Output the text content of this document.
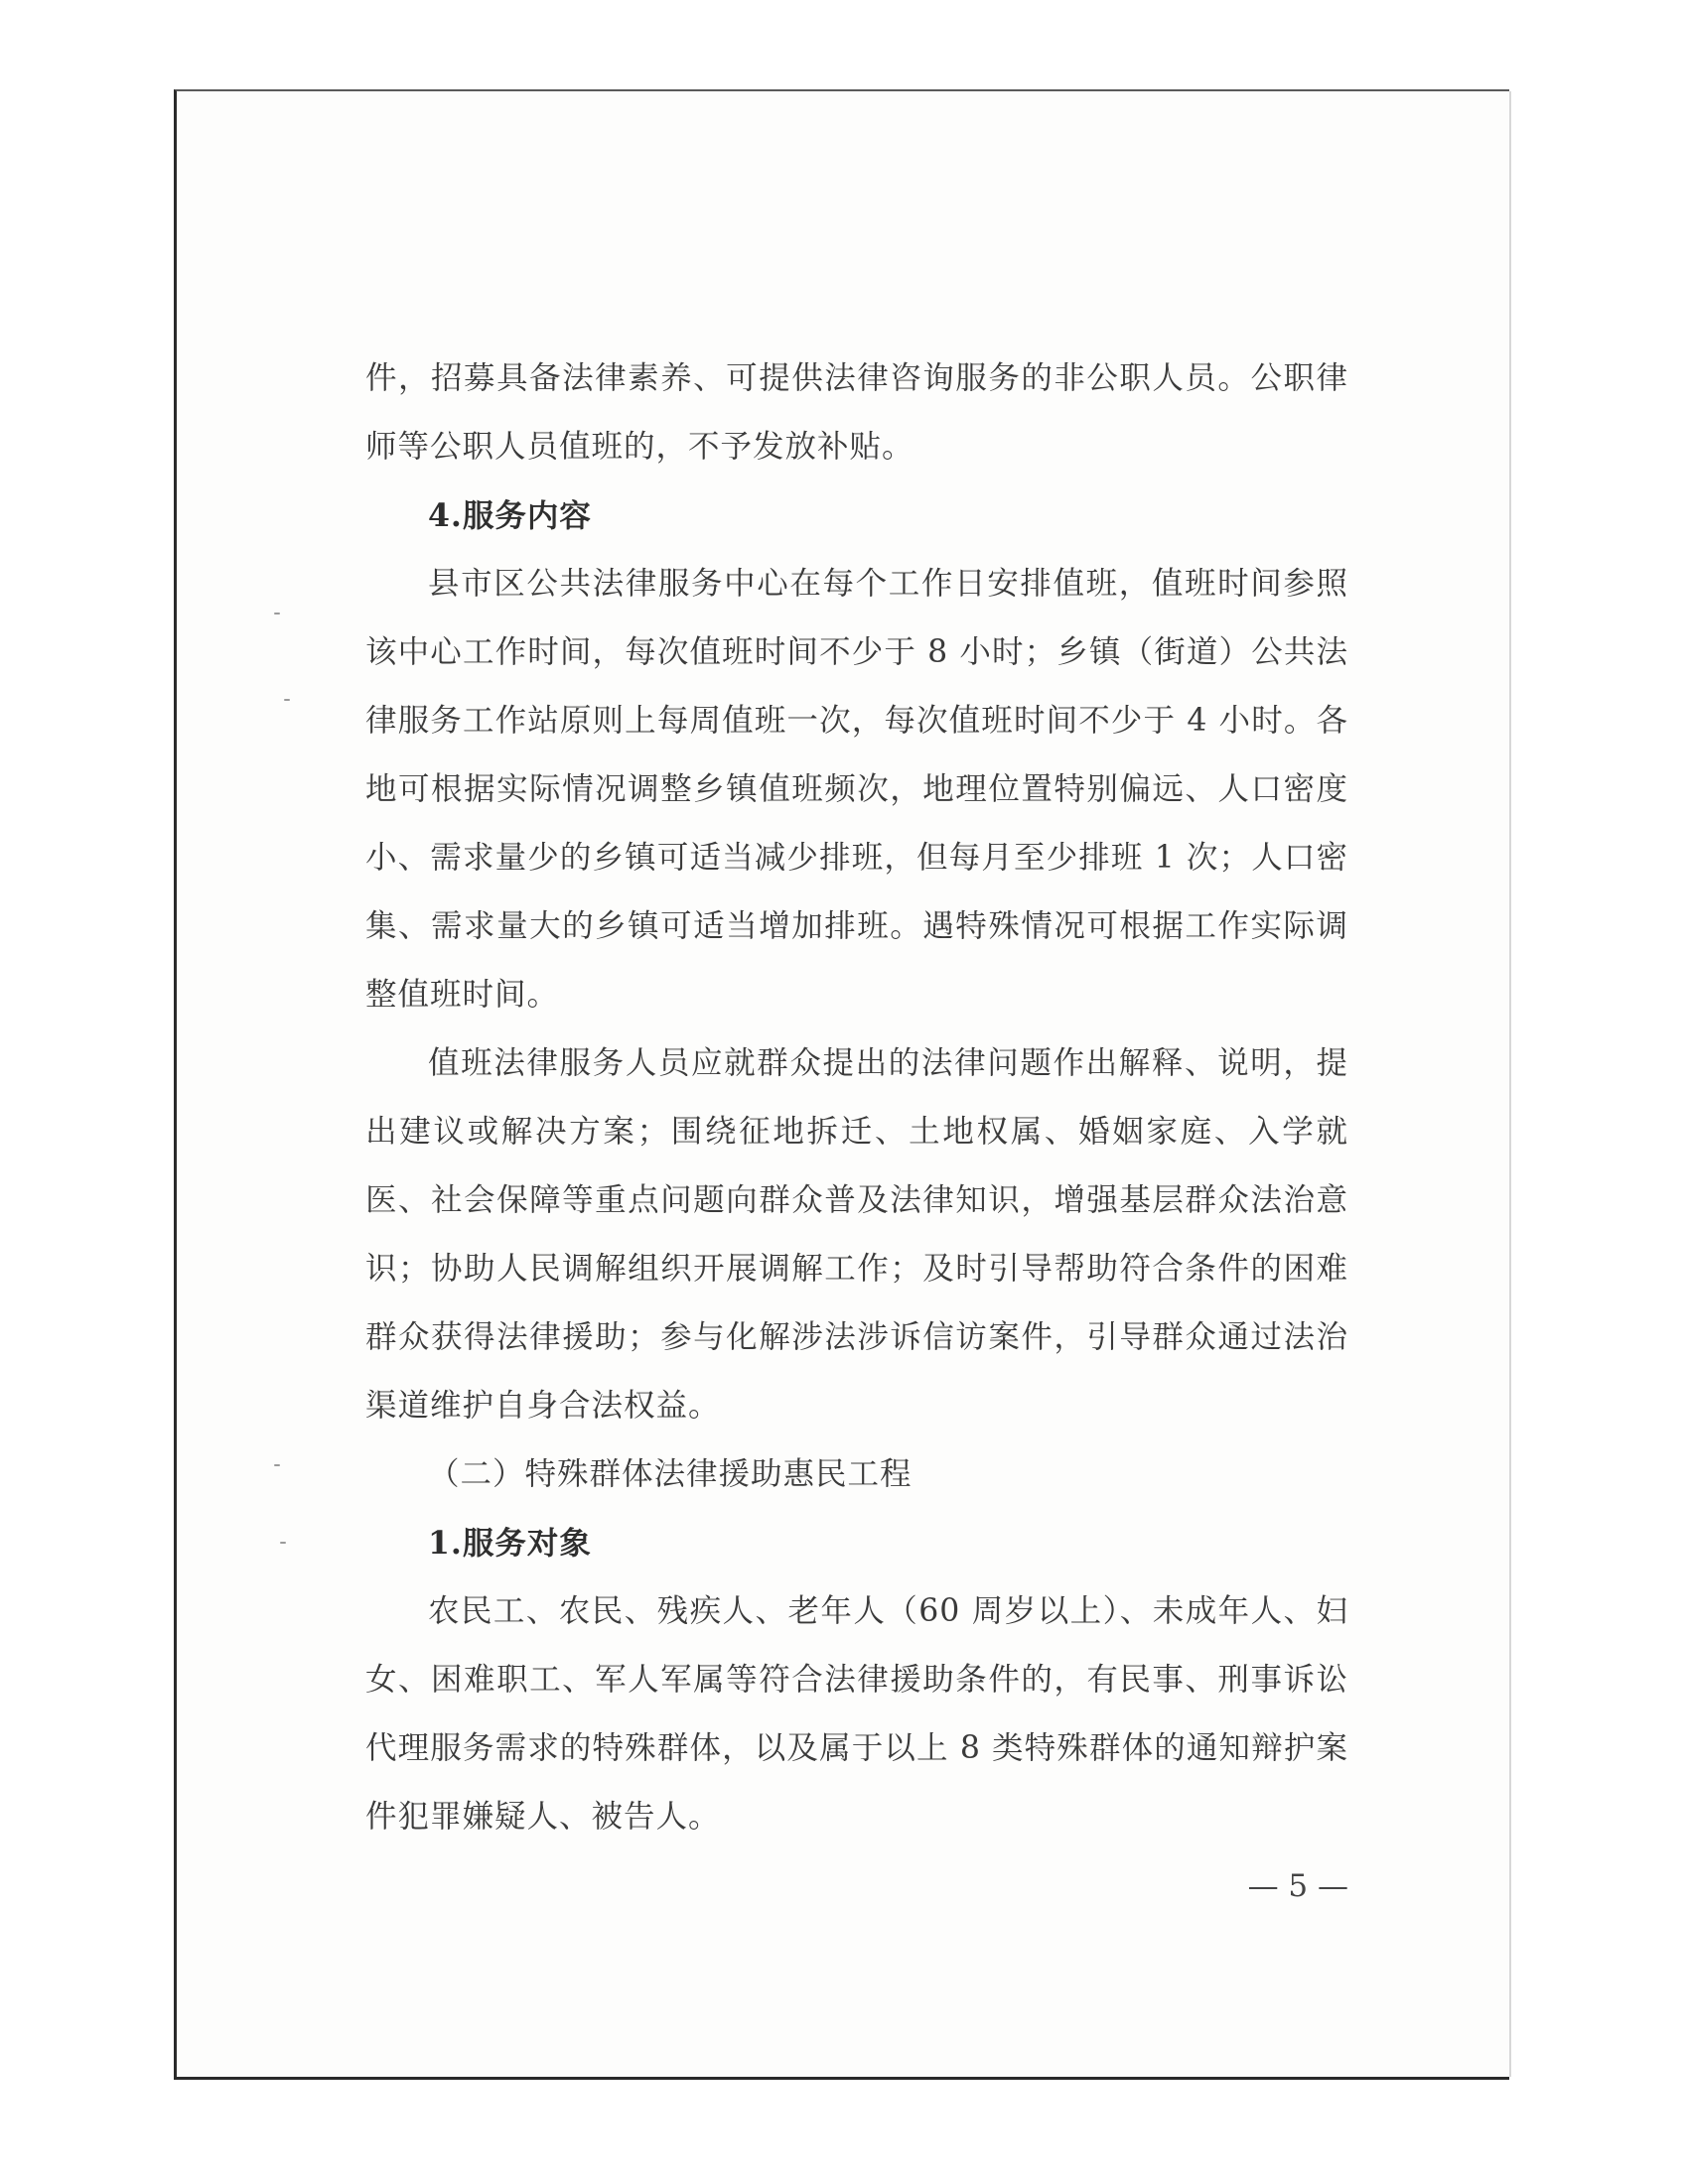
件，招募具备法律素养、可提供法律咨询服务的非公职人员。公职律师等公职人员值班的，不予发放补贴。

4.服务内容

县市区公共法律服务中心在每个工作日安排值班，值班时间参照该中心工作时间，每次值班时间不少于 8 小时；乡镇（街道）公共法律服务工作站原则上每周值班一次，每次值班时间不少于 4 小时。各地可根据实际情况调整乡镇值班频次，地理位置特别偏远、人口密度小、需求量少的乡镇可适当减少排班，但每月至少排班 1 次；人口密集、需求量大的乡镇可适当增加排班。遇特殊情况可根据工作实际调整值班时间。

值班法律服务人员应就群众提出的法律问题作出解释、说明，提出建议或解决方案；围绕征地拆迁、土地权属、婚姻家庭、入学就医、社会保障等重点问题向群众普及法律知识，增强基层群众法治意识；协助人民调解组织开展调解工作；及时引导帮助符合条件的困难群众获得法律援助；参与化解涉法涉诉信访案件，引导群众通过法治渠道维护自身合法权益。

（二）特殊群体法律援助惠民工程

1.服务对象

农民工、农民、残疾人、老年人（60 周岁以上）、未成年人、妇女、困难职工、军人军属等符合法律援助条件的，有民事、刑事诉讼代理服务需求的特殊群体，以及属于以上 8 类特殊群体的通知辩护案件犯罪嫌疑人、被告人。

— 5 —
